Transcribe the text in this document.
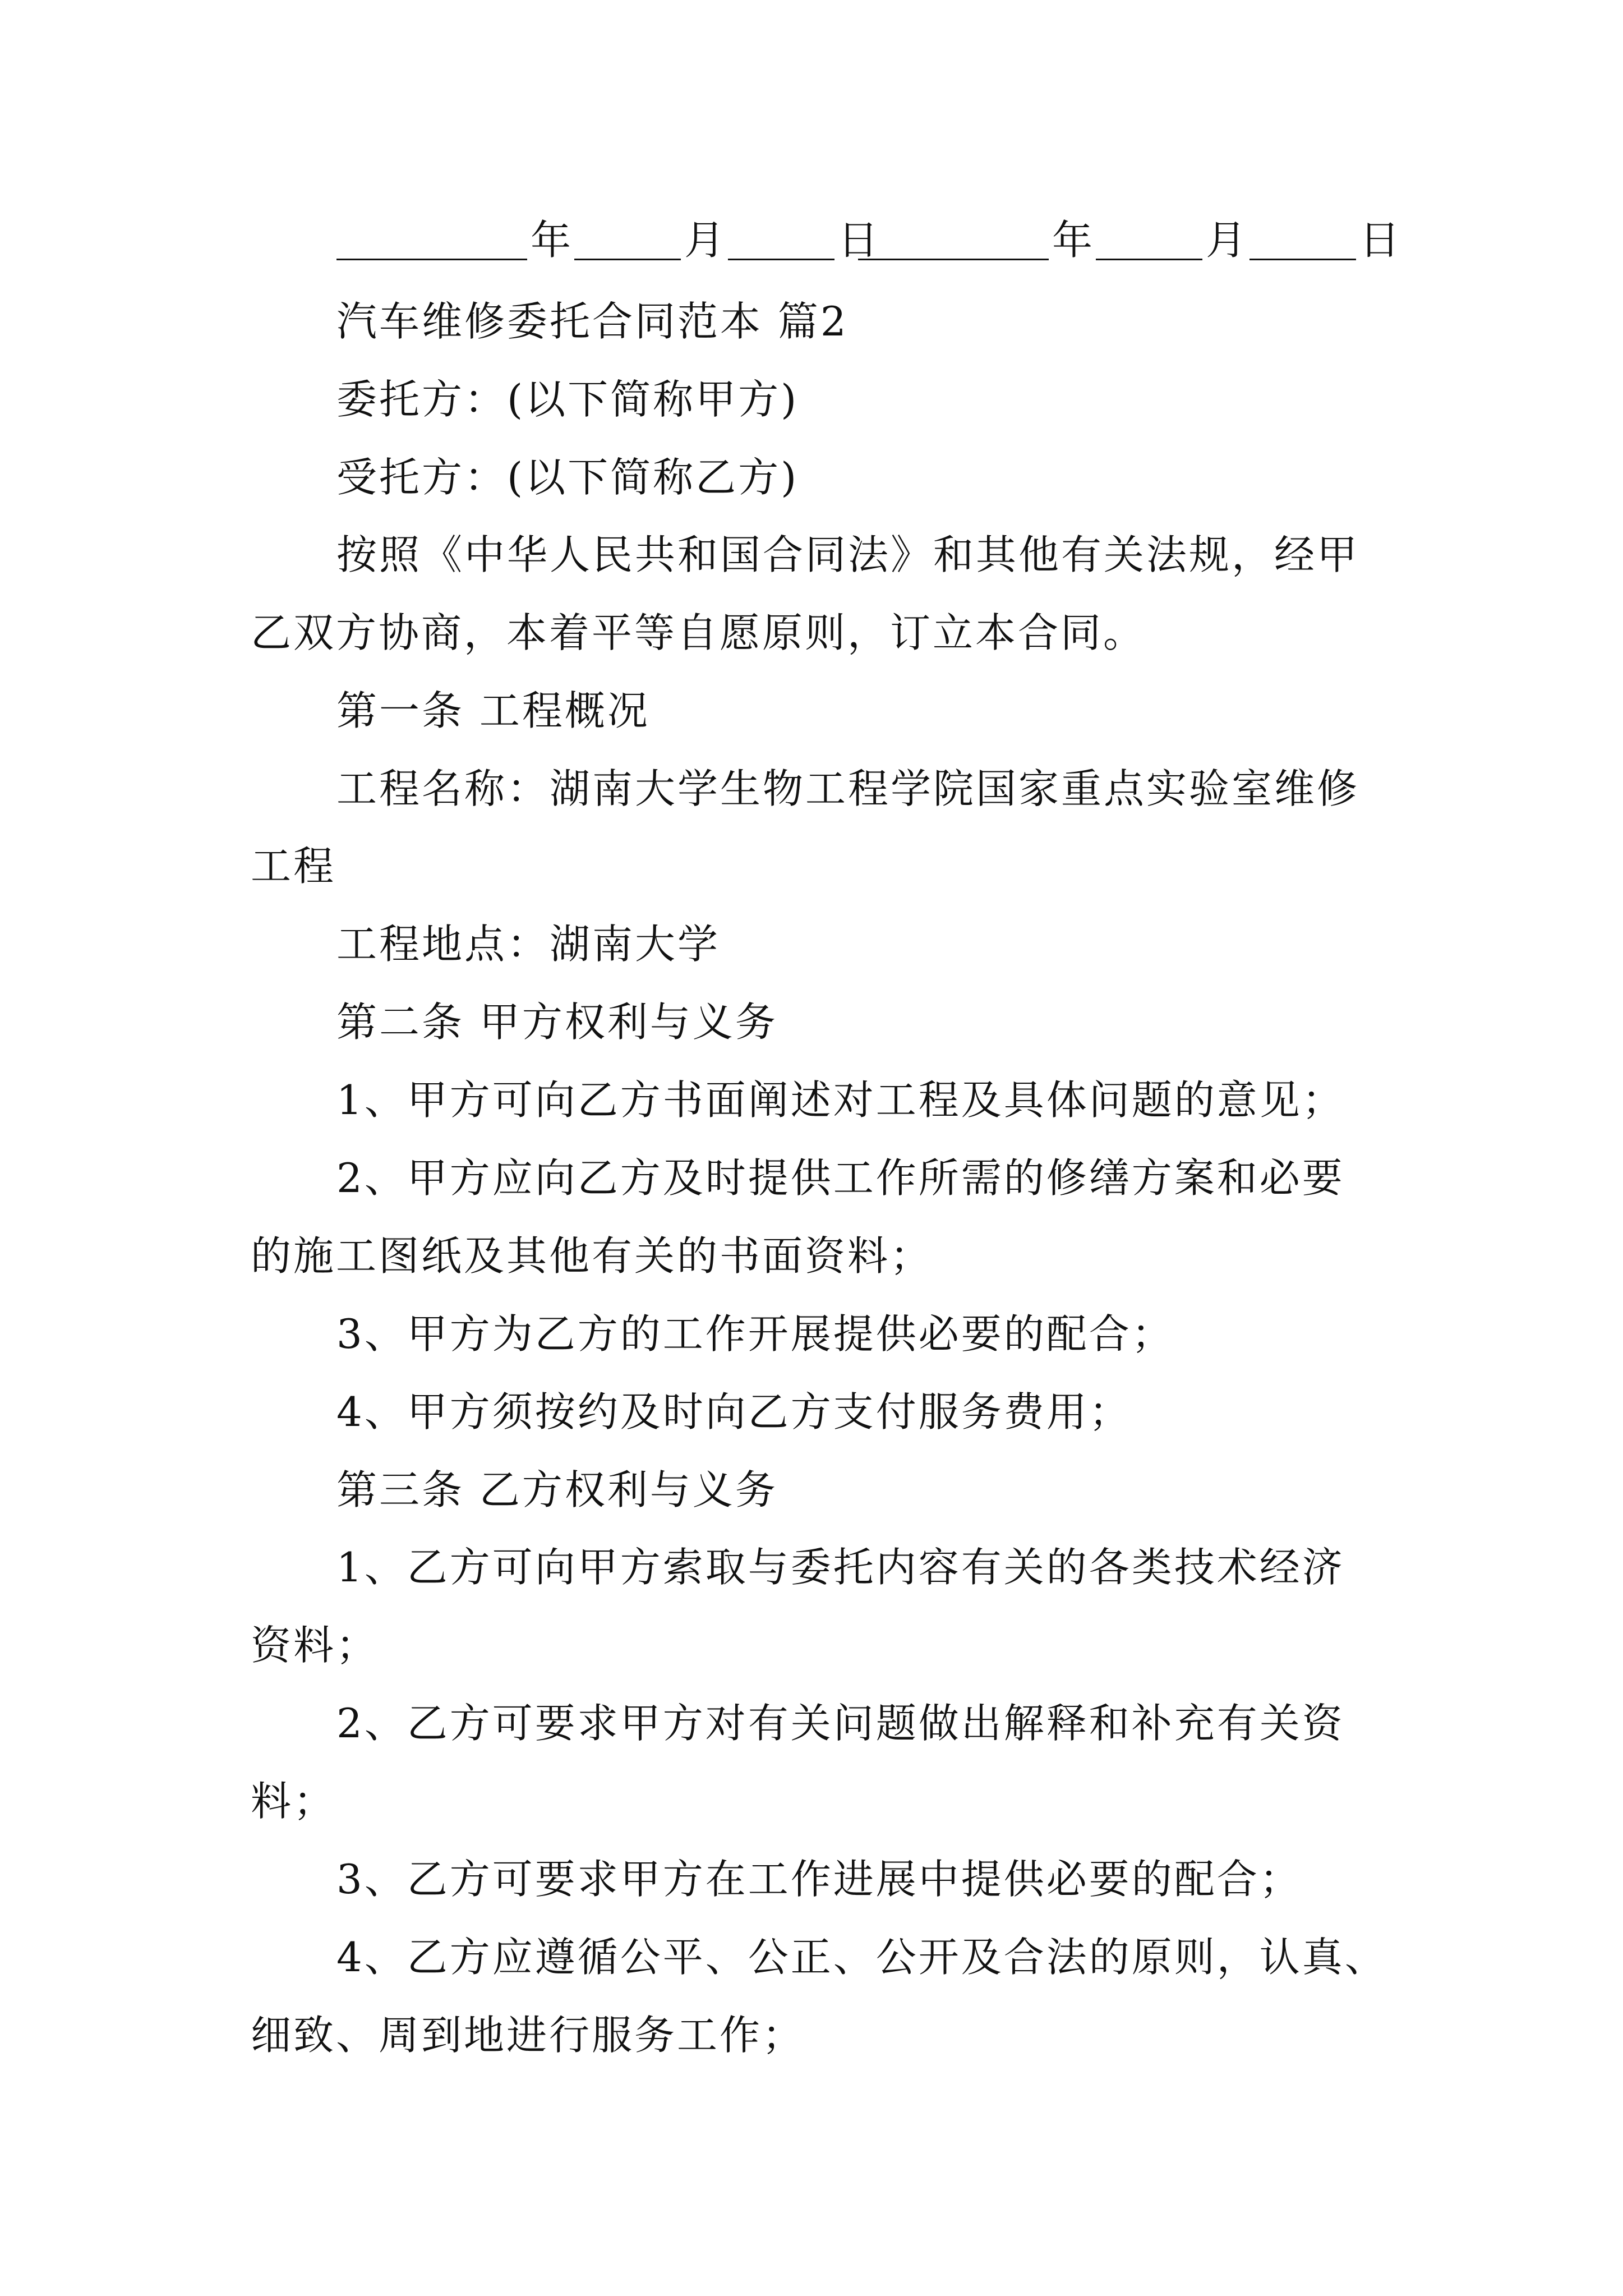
年	月	日	年	月	日
汽车维修委托合同范本 篇2
委托方：(以下简称甲方)
受托方：(以下简称乙方)
按照《中华人民共和国合同法》和其他有关法规，经甲
乙双方协商，本着平等自愿原则，订立本合同。
第一条 工程概况
工程名称：湖南大学生物工程学院国家重点实验室维修
工程
工程地点：湖南大学
第二条 甲方权利与义务
1、甲方可向乙方书面阐述对工程及具体问题的意见；
2、甲方应向乙方及时提供工作所需的修缮方案和必要
的施工图纸及其他有关的书面资料；
3、甲方为乙方的工作开展提供必要的配合；
4、甲方须按约及时向乙方支付服务费用；
第三条 乙方权利与义务
1、乙方可向甲方索取与委托内容有关的各类技术经济
资料；
2、乙方可要求甲方对有关问题做出解释和补充有关资
料；
3、乙方可要求甲方在工作进展中提供必要的配合；
4、乙方应遵循公平、公正、公开及合法的原则，认真、
细致、周到地进行服务工作；
